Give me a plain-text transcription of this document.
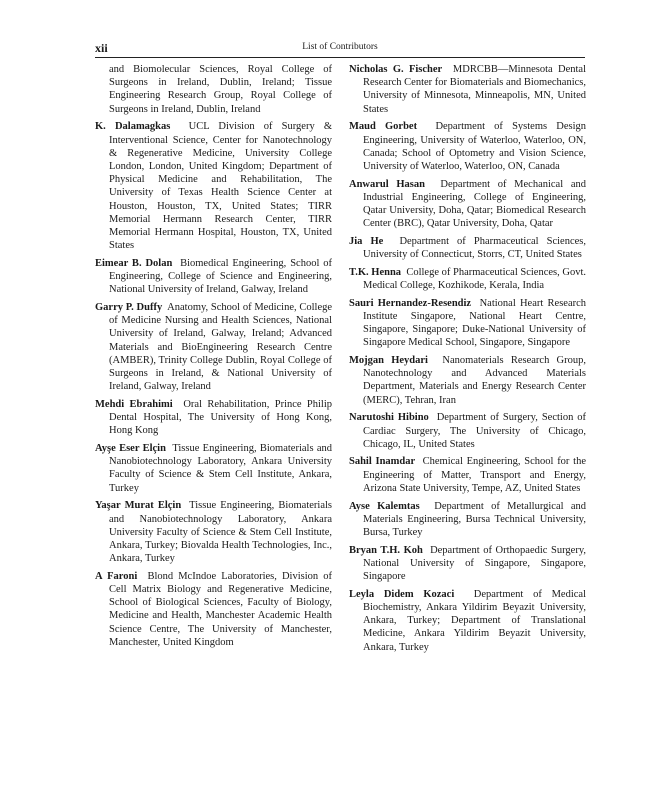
xii	List of Contributors

and Biomolecular Sciences, Royal College of Surgeons in Ireland, Dublin, Ireland; Tissue Engineering Research Group, Royal College of Surgeons in Ireland, Dublin, Ireland

K. Dalamagkas UCL Division of Surgery & Interventional Science, Center for Nanotechnology & Regenerative Medicine, University College London, London, United Kingdom; Department of Physical Medicine and Rehabilitation, The University of Texas Health Science Center at Houston, Houston, TX, United States; TIRR Memorial Hermann Research Center, TIRR Memorial Hermann Hospital, Houston, TX, United States

Eimear B. Dolan Biomedical Engineering, School of Engineering, College of Science and Engineering, National University of Ireland, Galway, Ireland

Garry P. Duffy Anatomy, School of Medicine, College of Medicine Nursing and Health Sciences, National University of Ireland, Galway, Ireland; Advanced Materials and BioEngineering Research Centre (AMBER), Trinity College Dublin, Royal College of Surgeons in Ireland, & National University of Ireland, Galway, Ireland

Mehdi Ebrahimi Oral Rehabilitation, Prince Philip Dental Hospital, The University of Hong Kong, Hong Kong

Ayşe Eser Elçin Tissue Engineering, Biomaterials and Nanobiotechnology Laboratory, Ankara University Faculty of Science & Stem Cell Institute, Ankara, Turkey

Yaşar Murat Elçin Tissue Engineering, Biomaterials and Nanobiotechnology Laboratory, Ankara University Faculty of Science & Stem Cell Institute, Ankara, Turkey; Biovalda Health Technologies, Inc., Ankara, Turkey

A Faroni Blond McIndoe Laboratories, Division of Cell Matrix Biology and Regenerative Medicine, School of Biological Sciences, Faculty of Biology, Medicine and Health, Manchester Academic Health Science Centre, The University of Manchester, Manchester, United Kingdom

Nicholas G. Fischer MDRCBB—Minnesota Dental Research Center for Biomaterials and Biomechanics, University of Minnesota, Minneapolis, MN, United States

Maud Gorbet Department of Systems Design Engineering, University of Waterloo, Waterloo, ON, Canada; School of Optometry and Vision Science, University of Waterloo, Waterloo, ON, Canada

Anwarul Hasan Department of Mechanical and Industrial Engineering, College of Engineering, Qatar University, Doha, Qatar; Biomedical Research Center (BRC), Qatar University, Doha, Qatar

Jia He Department of Pharmaceutical Sciences, University of Connecticut, Storrs, CT, United States

T.K. Henna College of Pharmaceutical Sciences, Govt. Medical College, Kozhikode, Kerala, India

Sauri Hernandez-Resendiz National Heart Research Institute Singapore, National Heart Centre, Singapore, Singapore; Duke-National University of Singapore Medical School, Singapore, Singapore

Mojgan Heydari Nanomaterials Research Group, Nanotechnology and Advanced Materials Department, Materials and Energy Research Center (MERC), Tehran, Iran

Narutoshi Hibino Department of Surgery, Section of Cardiac Surgery, The University of Chicago, Chicago, IL, United States

Sahil Inamdar Chemical Engineering, School for the Engineering of Matter, Transport and Energy, Arizona State University, Tempe, AZ, United States

Ayse Kalemtas Department of Metallurgical and Materials Engineering, Bursa Technical University, Bursa, Turkey

Bryan T.H. Koh Department of Orthopaedic Surgery, National University of Singapore, Singapore, Singapore

Leyla Didem Kozaci Department of Medical Biochemistry, Ankara Yildirim Beyazit University, Ankara, Turkey; Department of Translational Medicine, Ankara Yildirim Beyazit University, Ankara, Turkey
